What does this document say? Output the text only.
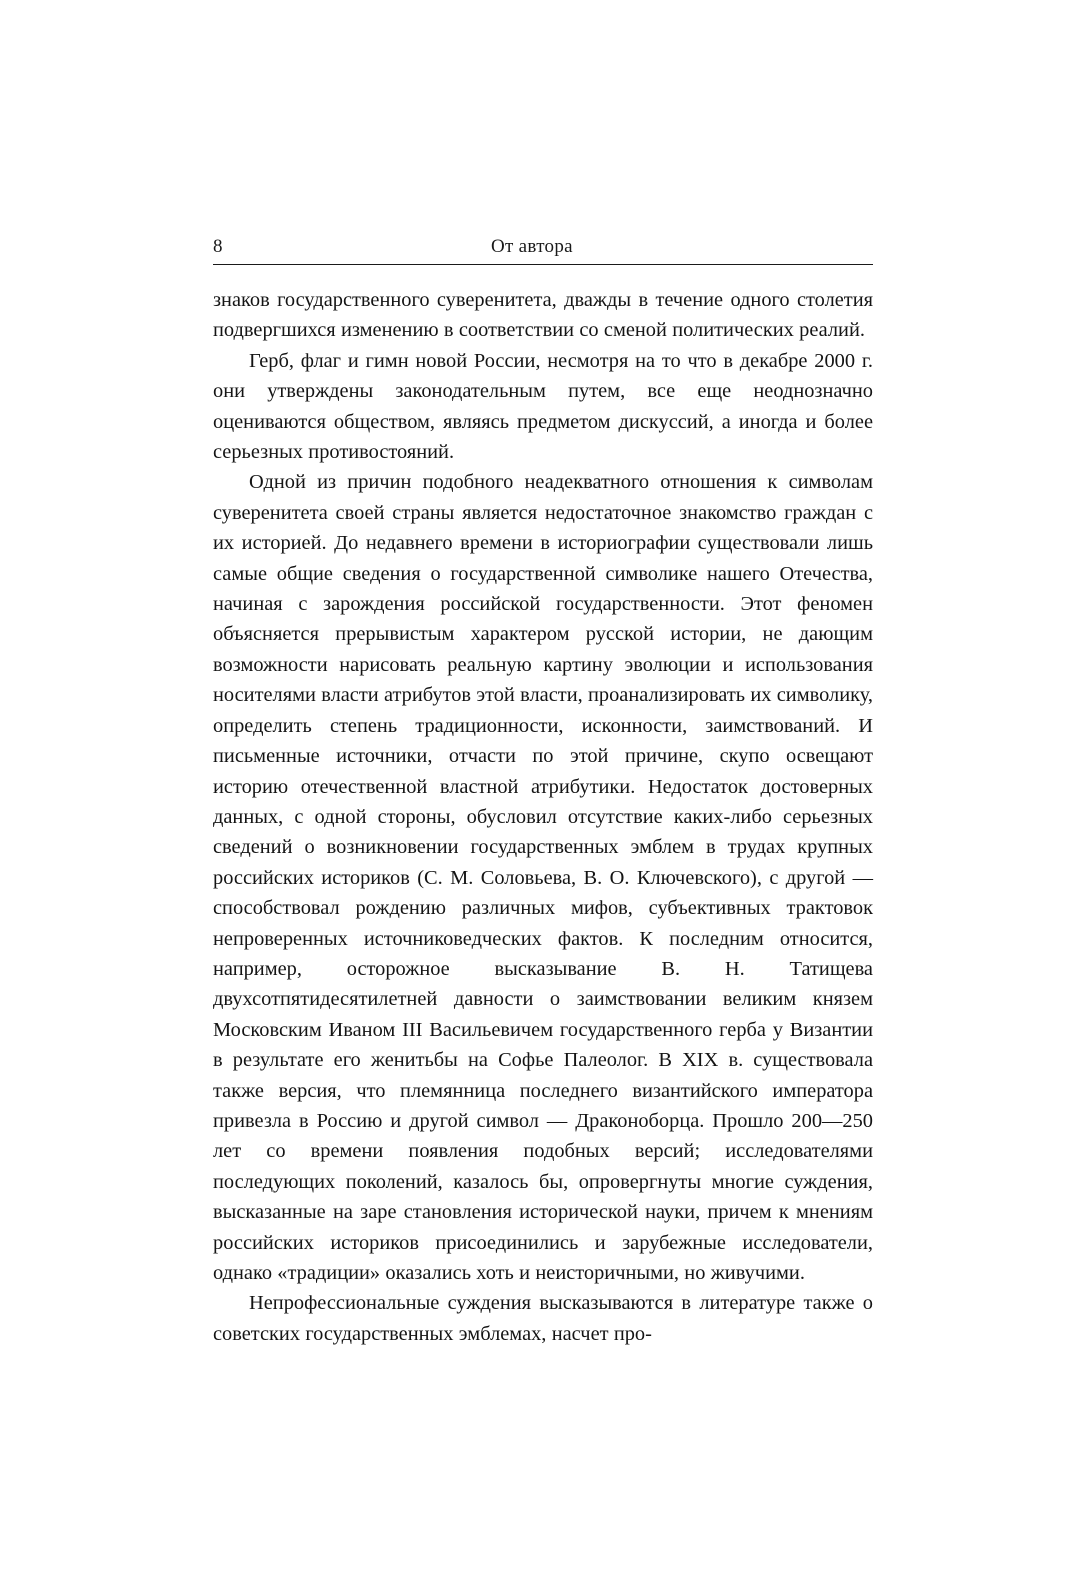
8	От автора

знаков государственного суверенитета, дважды в течение одного столетия подвергшихся изменению в соответствии со сменой политических реалий.

Герб, флаг и гимн новой России, несмотря на то что в декабре 2000 г. они утверждены законодательным путем, все еще неоднозначно оцениваются обществом, являясь предметом дискуссий, а иногда и более серьезных противостояний.

Одной из причин подобного неадекватного отношения к символам суверенитета своей страны является недостаточное знакомство граждан с их историей. До недавнего времени в историографии существовали лишь самые общие сведения о государственной символике нашего Отечества, начиная с зарождения российской государственности. Этот феномен объясняется прерывистым характером русской истории, не дающим возможности нарисовать реальную картину эволюции и использования носителями власти атрибутов этой власти, проанализировать их символику, определить степень традиционности, исконности, заимствований. И письменные источники, отчасти по этой причине, скупо освещают историю отечественной властной атрибутики. Недостаток достоверных данных, с одной стороны, обусловил отсутствие каких-либо серьезных сведений о возникновении государственных эмблем в трудах крупных российских историков (С. М. Соловьева, В. О. Ключевского), с другой — способствовал рождению различных мифов, субъективных трактовок непроверенных источниковедческих фактов. К последним относится, например, осторожное высказывание В. Н. Татищева двухсотпятидесятилетней давности о заимствовании великим князем Московским Иваном III Васильевичем государственного герба у Византии в результате его женитьбы на Софье Палеолог. В XIX в. существовала также версия, что племянница последнего византийского императора привезла в Россию и другой символ — Драконоборца. Прошло 200—250 лет со времени появления подобных версий; исследователями последующих поколений, казалось бы, опровергнуты многие суждения, высказанные на заре становления исторической науки, причем к мнениям российских историков присоединились и зарубежные исследователи, однако «традиции» оказались хоть и неисторичными, но живучими.

Непрофессиональные суждения высказываются в литературе также о советских государственных эмблемах, насчет про-
